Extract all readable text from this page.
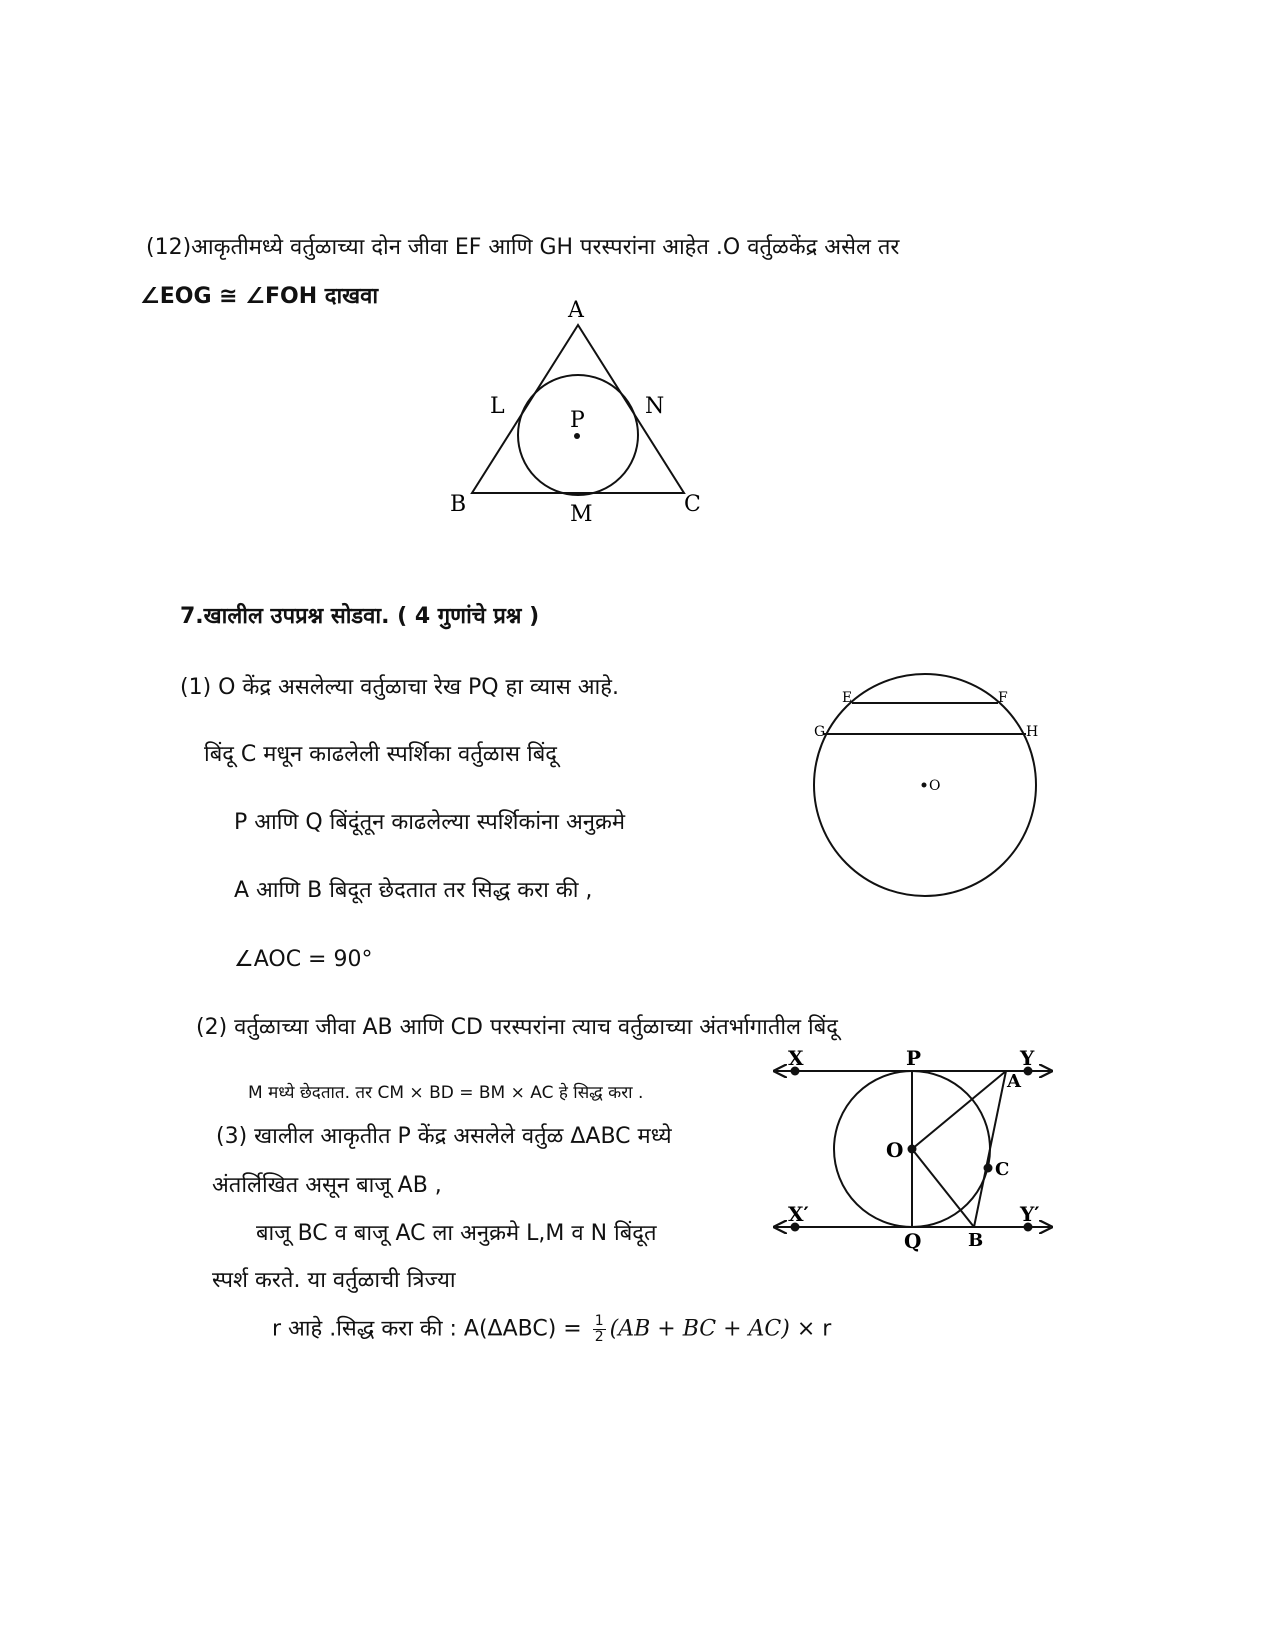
(12)आकृतीमध्ये वर्तुळाच्या दोन जीवा EF आणि GH परस्परांना आहेत .O वर्तुळकेंद्र असेल तर
∠EOG ≅ ∠FOH दाखवा
A
L	N
P
B	M	C
7.खालील उपप्रश्न सोडवा. ( 4 गुणांचे प्रश्न )
(1) O केंद्र असलेल्या वर्तुळाचा रेख PQ हा व्यास आहे.
बिंदू C मधून काढलेली स्पर्शिका वर्तुळास बिंदू
P आणि Q बिंदूंतून काढलेल्या स्पर्शिकांना अनुक्रमे
A आणि B बिदूत छेदतात तर सिद्ध करा की ,
∠AOC = 90°
E	F
G	H
O
(2) वर्तुळाच्या जीवा AB आणि CD परस्परांना त्याच वर्तुळाच्या अंतर्भागातील बिंदू
M मध्ये छेदतात. तर CM × BD = BM × AC हे सिद्ध करा .
X	P	Y
A
O
C
X′	Y′
Q	B
(3) खालील आकृतीत P केंद्र असलेले वर्तुळ ΔABC मध्ये
अंतर्लिखित असून बाजू AB ,
बाजू BC व बाजू AC ला अनुक्रमे L,M व N बिंदूत
स्पर्श करते. या वर्तुळाची त्रिज्या
r आहे .सिद्ध करा की : $A(\Delta ABC) = \frac{1}{2} (AB$ + BC + AC) × r
